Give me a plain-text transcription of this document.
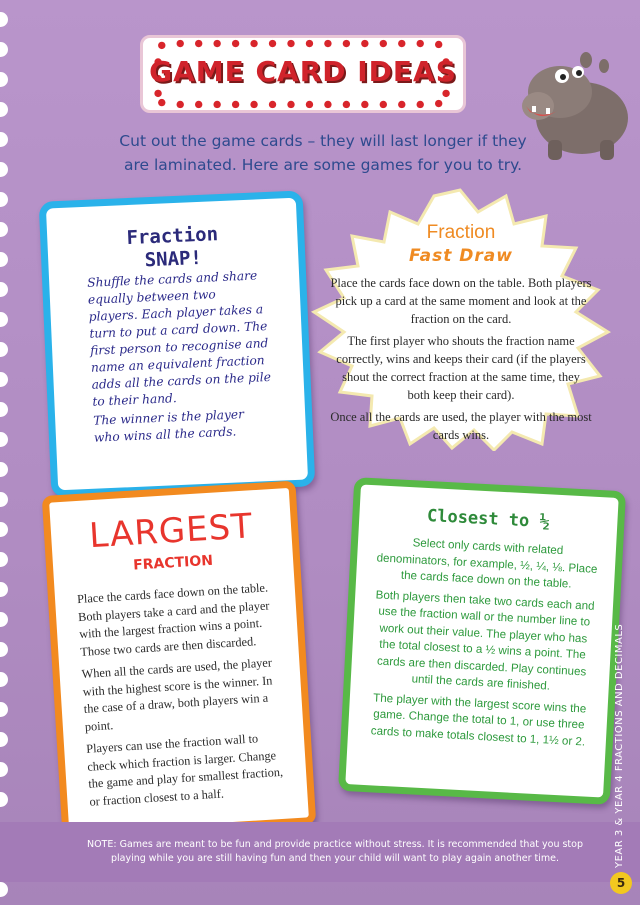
GAME CARD IDEAS
Cut out the game cards – they will last longer if they are laminated. Here are some games for you to try.
Fraction
SNAP!

Shuffle the cards and share equally between two players. Each player takes a turn to put a card down. The first person to recognise and name an equivalent fraction adds all the cards on the pile to their hand.

The winner is the player who wins all the cards.

Fraction
Fast Draw

Place the cards face down on the table. Both players pick up a card at the same moment and look at the fraction on the card.

The first player who shouts the fraction name correctly, wins and keeps their card (if the players shout the correct fraction at the same time, they both keep their card).

Once all the cards are used, the player with the most cards wins.

LARGEST
FRACTION

Place the cards face down on the table. Both players take a card and the player with the largest fraction wins a point. Those two cards are then discarded.

When all the cards are used, the player with the highest score is the winner. In the case of a draw, both players win a point.

Players can use the fraction wall to check which fraction is larger. Change the game and play for smallest fraction, or fraction closest to a half.

Closest to ½

Select only cards with related denominators, for example, ½, ¼, ⅛. Place the cards face down on the table.

Both players then take two cards each and use the fraction wall or the number line to work out their value. The player who has the total closest to a ½ wins a point. The cards are then discarded. Play continues until the cards are finished.

The player with the largest score wins the game. Change the total to 1, or use three cards to make totals closest to 1, 1½ or 2.

NOTE: Games are meant to be fun and provide practice without stress. It is recommended that you stop playing while you are still having fun and then your child will want to play again another time.	YEAR 3 & YEAR 4 FRACTIONS AND DECIMALS
5
